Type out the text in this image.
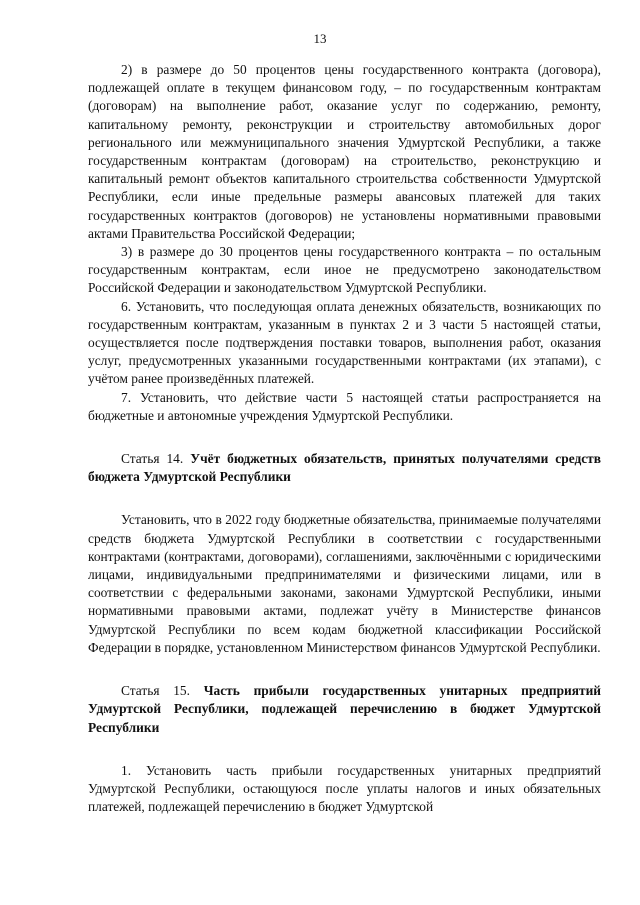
13

2) в размере до 50 процентов цены государственного контракта (договора), подлежащей оплате в текущем финансовом году, – по государственным контрактам (договорам) на выполнение работ, оказание услуг по содержанию, ремонту, капитальному ремонту, реконструкции и строительству автомобильных дорог регионального или межмуниципального значения Удмуртской Республики, а также государственным контрактам (договорам) на строительство, реконструкцию и капитальный ремонт объектов капитального строительства собственности Удмуртской Республики, если иные предельные размеры авансовых платежей для таких государственных контрактов (договоров) не установлены нормативными правовыми актами Правительства Российской Федерации;

3) в размере до 30 процентов цены государственного контракта – по остальным государственным контрактам, если иное не предусмотрено законодательством Российской Федерации и законодательством Удмуртской Республики.

6. Установить, что последующая оплата денежных обязательств, возникающих по государственным контрактам, указанным в пунктах 2 и 3 части 5 настоящей статьи, осуществляется после подтверждения поставки товаров, выполнения работ, оказания услуг, предусмотренных указанными государственными контрактами (их этапами), с учётом ранее произведённых платежей.

7. Установить, что действие части 5 настоящей статьи распространяется на бюджетные и автономные учреждения Удмуртской Республики.

Статья 14. Учёт бюджетных обязательств, принятых получателями средств бюджета Удмуртской Республики

Установить, что в 2022 году бюджетные обязательства, принимаемые получателями средств бюджета Удмуртской Республики в соответствии с государственными контрактами (контрактами, договорами), соглашениями, заключёнными с юридическими лицами, индивидуальными предпринимателями и физическими лицами, или в соответствии с федеральными законами, законами Удмуртской Республики, иными нормативными правовыми актами, подлежат учёту в Министерстве финансов Удмуртской Республики по всем кодам бюджетной классификации Российской Федерации в порядке, установленном Министерством финансов Удмуртской Республики.

Статья 15. Часть прибыли государственных унитарных предприятий Удмуртской Республики, подлежащей перечислению в бюджет Удмуртской Республики

1. Установить часть прибыли государственных унитарных предприятий Удмуртской Республики, остающуюся после уплаты налогов и иных обязательных платежей, подлежащей перечислению в бюджет Удмуртской
